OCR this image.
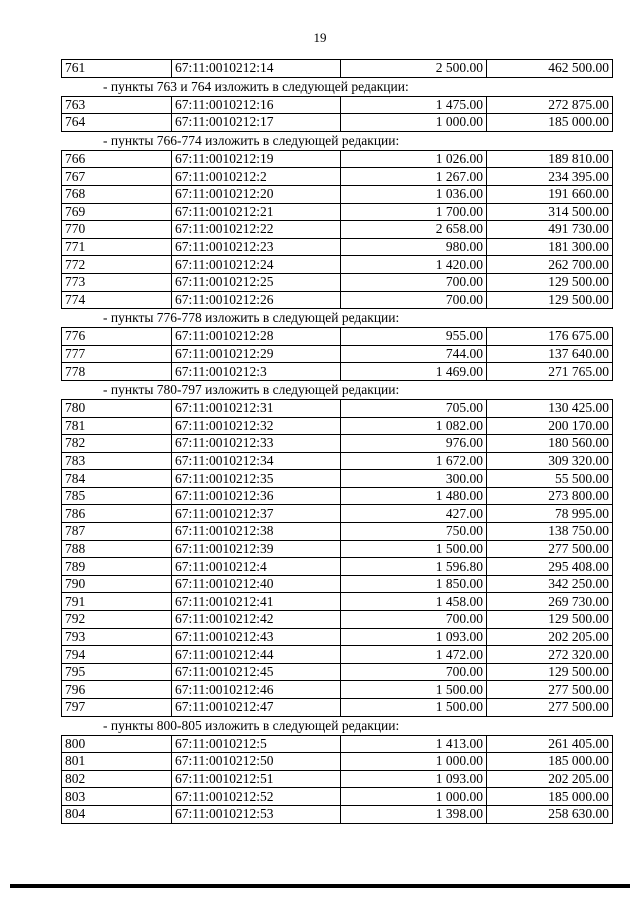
19
761	67:11:0010212:14	2 500.00	462 500.00
- пункты 763 и 764 изложить в следующей редакции:
763	67:11:0010212:16	1 475.00	272 875.00
764	67:11:0010212:17	1 000.00	185 000.00
- пункты 766-774 изложить в следующей редакции:
766	67:11:0010212:19	1 026.00	189 810.00
767	67:11:0010212:2	1 267.00	234 395.00
768	67:11:0010212:20	1 036.00	191 660.00
769	67:11:0010212:21	1 700.00	314 500.00
770	67:11:0010212:22	2 658.00	491 730.00
771	67:11:0010212:23	980.00	181 300.00
772	67:11:0010212:24	1 420.00	262 700.00
773	67:11:0010212:25	700.00	129 500.00
774	67:11:0010212:26	700.00	129 500.00
- пункты 776-778 изложить в следующей редакции:
776	67:11:0010212:28	955.00	176 675.00
777	67:11:0010212:29	744.00	137 640.00
778	67:11:0010212:3	1 469.00	271 765.00
- пункты 780-797 изложить в следующей редакции:
780	67:11:0010212:31	705.00	130 425.00
781	67:11:0010212:32	1 082.00	200 170.00
782	67:11:0010212:33	976.00	180 560.00
783	67:11:0010212:34	1 672.00	309 320.00
784	67:11:0010212:35	300.00	55 500.00
785	67:11:0010212:36	1 480.00	273 800.00
786	67:11:0010212:37	427.00	78 995.00
787	67:11:0010212:38	750.00	138 750.00
788	67:11:0010212:39	1 500.00	277 500.00
789	67:11:0010212:4	1 596.80	295 408.00
790	67:11:0010212:40	1 850.00	342 250.00
791	67:11:0010212:41	1 458.00	269 730.00
792	67:11:0010212:42	700.00	129 500.00
793	67:11:0010212:43	1 093.00	202 205.00
794	67:11:0010212:44	1 472.00	272 320.00
795	67:11:0010212:45	700.00	129 500.00
796	67:11:0010212:46	1 500.00	277 500.00
797	67:11:0010212:47	1 500.00	277 500.00
- пункты 800-805 изложить в следующей редакции:
800	67:11:0010212:5	1 413.00	261 405.00
801	67:11:0010212:50	1 000.00	185 000.00
802	67:11:0010212:51	1 093.00	202 205.00
803	67:11:0010212:52	1 000.00	185 000.00
804	67:11:0010212:53	1 398.00	258 630.00
